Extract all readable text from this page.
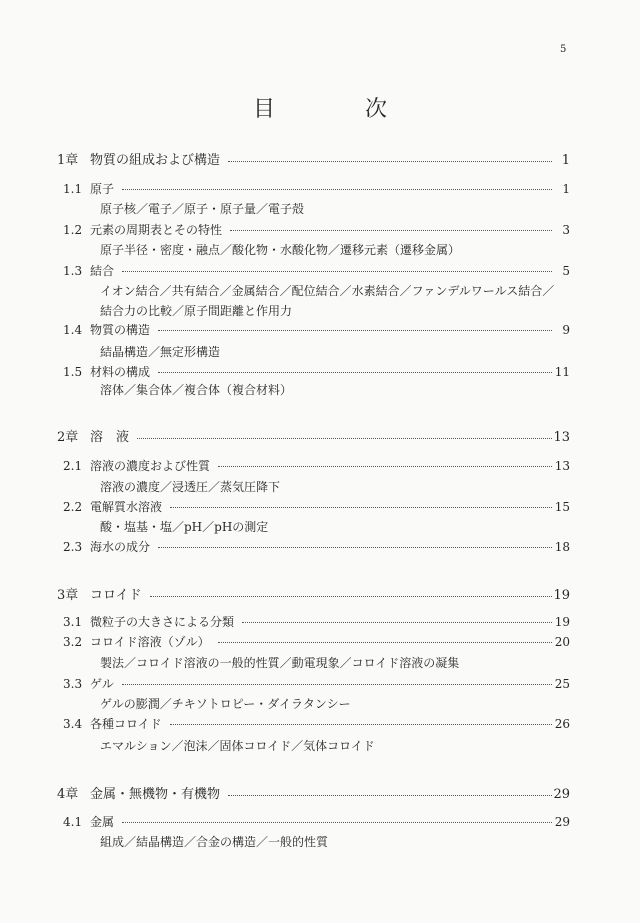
5
目	次
1章 物質の組成および構造	1
1.1 原子	1
原子核／電子／原子・原子量／電子殻
1.2 元素の周期表とその特性	3
原子半径・密度・融点／酸化物・水酸化物／遷移元素（遷移金属）
1.3 結合	5
イオン結合／共有結合／金属結合／配位結合／水素結合／ファンデルワールス結合／
結合力の比較／原子間距離と作用力
1.4 物質の構造	9
結晶構造／無定形構造
1.5 材料の構成	11
溶体／集合体／複合体（複合材料）
2章 溶　液	13
2.1 溶液の濃度および性質	13
溶液の濃度／浸透圧／蒸気圧降下
2.2 電解質水溶液	15
酸・塩基・塩／pH／pHの測定
2.3 海水の成分	18
3章 コロイド	19
3.1 微粒子の大きさによる分類	19
3.2 コロイド溶液（ゾル）	20
製法／コロイド溶液の一般的性質／動電現象／コロイド溶液の凝集
3.3 ゲル	25
ゲルの膨潤／チキソトロピー・ダイラタンシー
3.4 各種コロイド	26
エマルション／泡沫／固体コロイド／気体コロイド
4章 金属・無機物・有機物	29
4.1 金属	29
組成／結晶構造／合金の構造／一般的性質
